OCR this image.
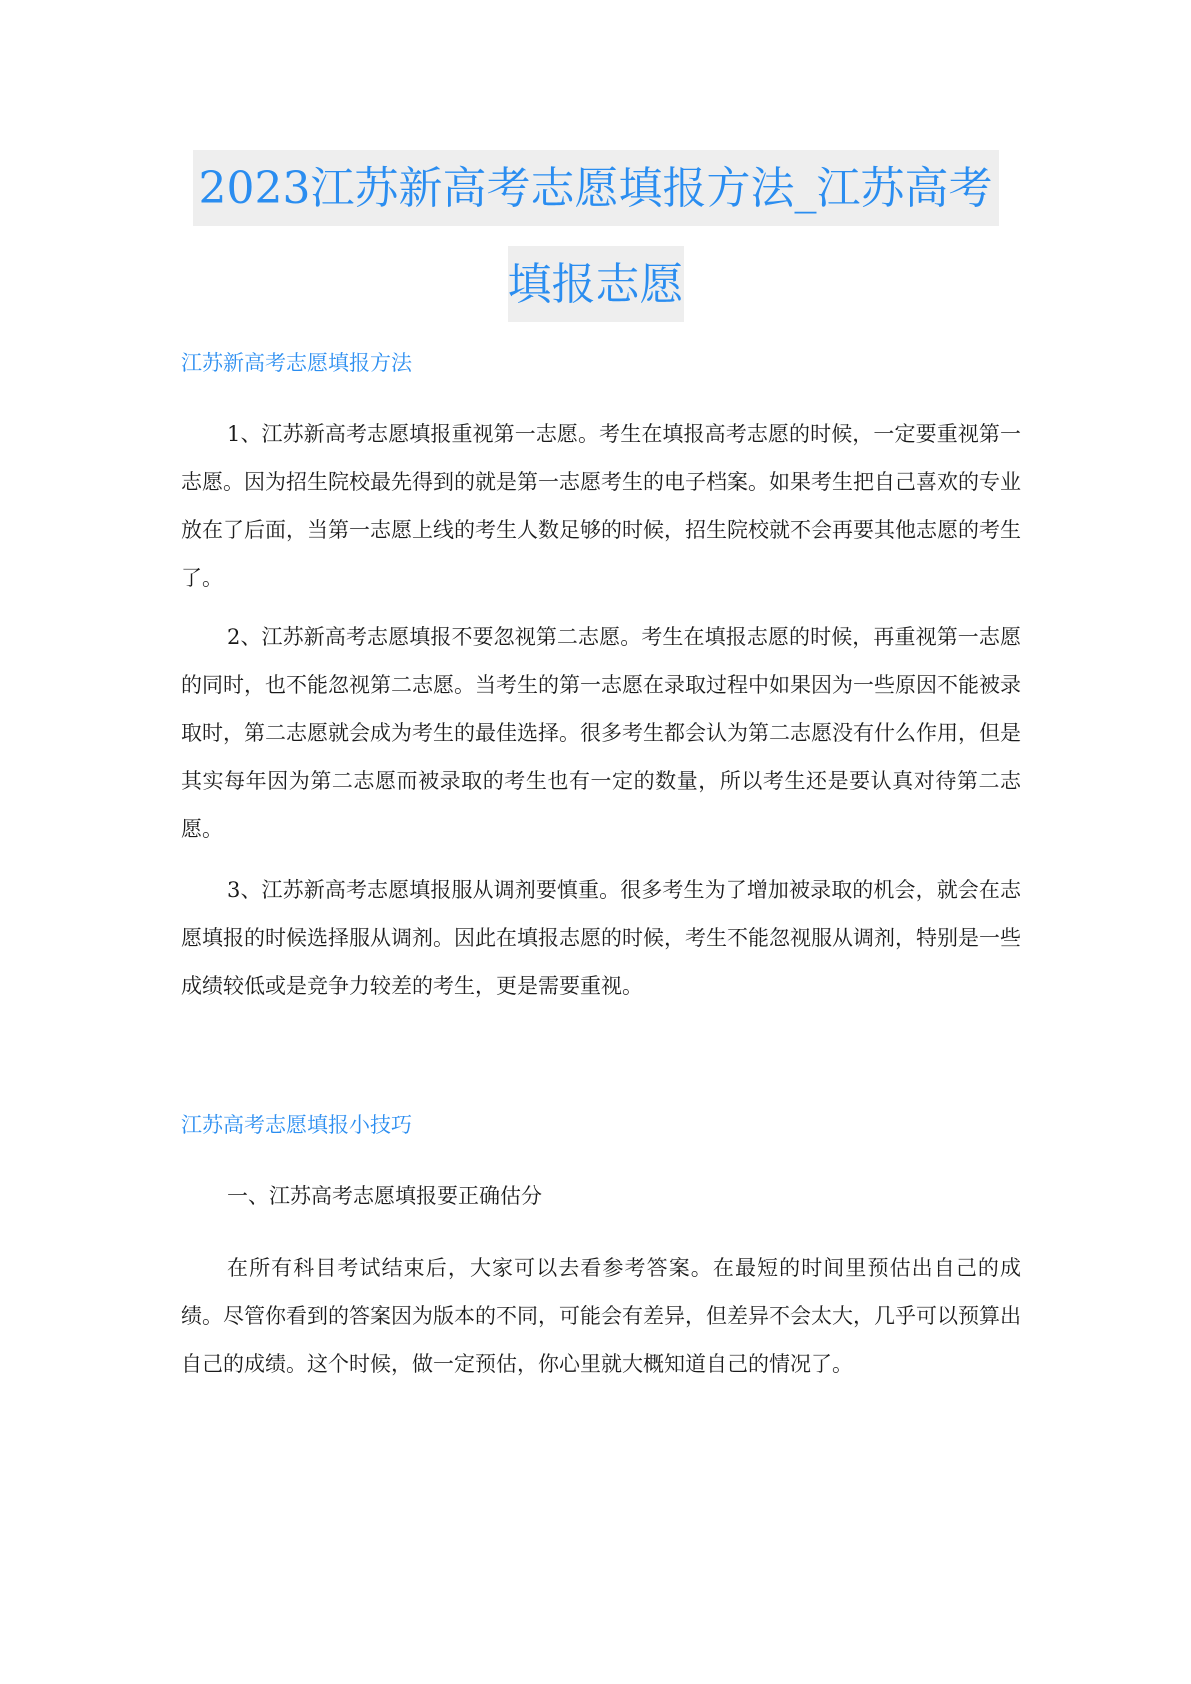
2023江苏新高考志愿填报方法_江苏高考
填报志愿
江苏新高考志愿填报方法

1、江苏新高考志愿填报重视第一志愿。考生在填报高考志愿的时候，一定要重视第一志愿。因为招生院校最先得到的就是第一志愿考生的电子档案。如果考生把自己喜欢的专业放在了后面，当第一志愿上线的考生人数足够的时候，招生院校就不会再要其他志愿的考生了。

2、江苏新高考志愿填报不要忽视第二志愿。考生在填报志愿的时候，再重视第一志愿的同时，也不能忽视第二志愿。当考生的第一志愿在录取过程中如果因为一些原因不能被录取时，第二志愿就会成为考生的最佳选择。很多考生都会认为第二志愿没有什么作用，但是其实每年因为第二志愿而被录取的考生也有一定的数量，所以考生还是要认真对待第二志愿。

3、江苏新高考志愿填报服从调剂要慎重。很多考生为了增加被录取的机会，就会在志愿填报的时候选择服从调剂。因此在填报志愿的时候，考生不能忽视服从调剂，特别是一些成绩较低或是竞争力较差的考生，更是需要重视。

江苏高考志愿填报小技巧

一、江苏高考志愿填报要正确估分

在所有科目考试结束后，大家可以去看参考答案。在最短的时间里预估出自己的成绩。尽管你看到的答案因为版本的不同，可能会有差异，但差异不会太大，几乎可以预算出自己的成绩。这个时候，做一定预估，你心里就大概知道自己的情况了。
